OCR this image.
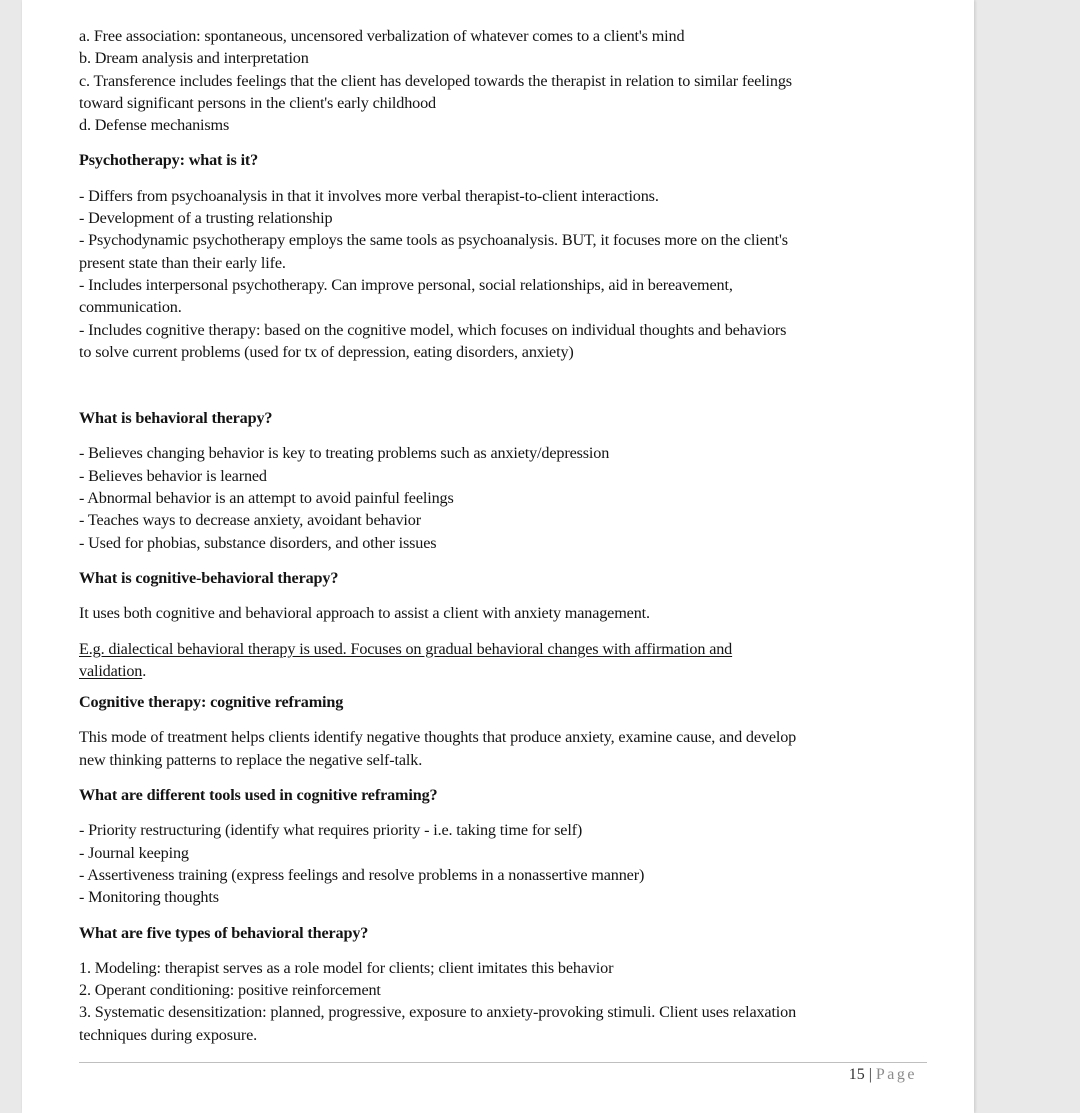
a. Free association: spontaneous, uncensored verbalization of whatever comes to a client's mind
b. Dream analysis and interpretation
c. Transference includes feelings that the client has developed towards the therapist in relation to similar feelings
toward significant persons in the client's early childhood
d. Defense mechanisms
Psychotherapy: what is it?
- Differs from psychoanalysis in that it involves more verbal therapist-to-client interactions.
- Development of a trusting relationship
- Psychodynamic psychotherapy employs the same tools as psychoanalysis. BUT, it focuses more on the client's
present state than their early life.
- Includes interpersonal psychotherapy. Can improve personal, social relationships, aid in bereavement,
communication.
- Includes cognitive therapy: based on the cognitive model, which focuses on individual thoughts and behaviors
to solve current problems (used for tx of depression, eating disorders, anxiety)
What is behavioral therapy?
- Believes changing behavior is key to treating problems such as anxiety/depression
- Believes behavior is learned
- Abnormal behavior is an attempt to avoid painful feelings
- Teaches ways to decrease anxiety, avoidant behavior
- Used for phobias, substance disorders, and other issues
What is cognitive-behavioral therapy?
It uses both cognitive and behavioral approach to assist a client with anxiety management.
E.g. dialectical behavioral therapy is used. Focuses on gradual behavioral changes with affirmation and
validation.
Cognitive therapy: cognitive reframing
This mode of treatment helps clients identify negative thoughts that produce anxiety, examine cause, and develop
new thinking patterns to replace the negative self-talk.
What are different tools used in cognitive reframing?
- Priority restructuring (identify what requires priority - i.e. taking time for self)
- Journal keeping
- Assertiveness training (express feelings and resolve problems in a nonassertive manner)
- Monitoring thoughts
What are five types of behavioral therapy?
1. Modeling: therapist serves as a role model for clients; client imitates this behavior
2. Operant conditioning: positive reinforcement
3. Systematic desensitization: planned, progressive, exposure to anxiety-provoking stimuli. Client uses relaxation
techniques during exposure.
15 | Page
